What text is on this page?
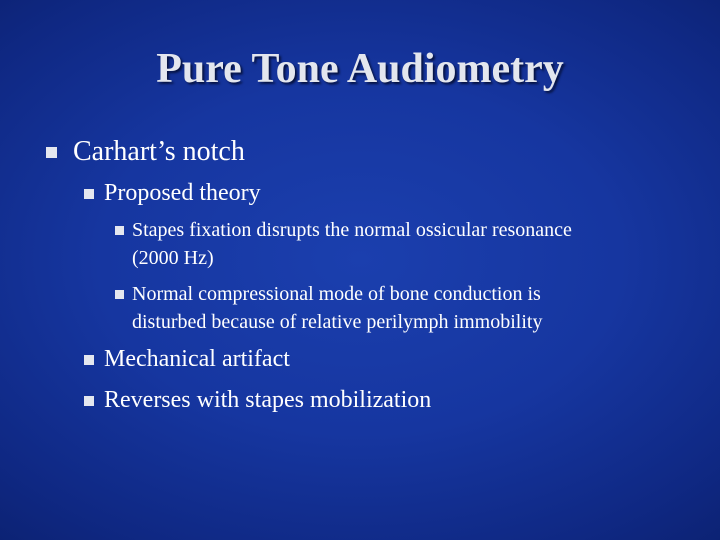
Pure Tone Audiometry
Carhart’s notch
Proposed theory
Stapes fixation disrupts the normal ossicular resonance
(2000 Hz)
Normal compressional mode of bone conduction is
disturbed because of relative perilymph immobility
Mechanical artifact
Reverses with stapes mobilization
